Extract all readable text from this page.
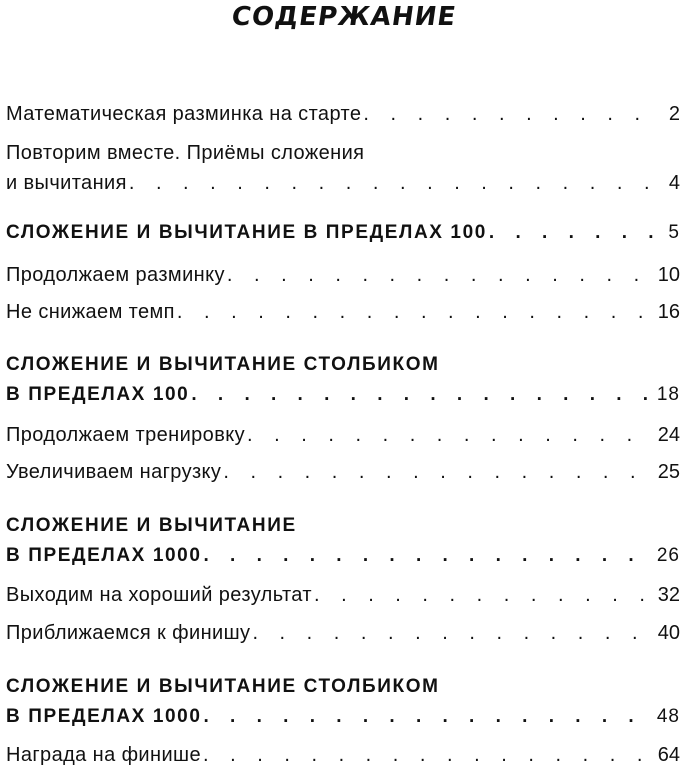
СОДЕРЖАНИЕ
Математическая разминка на старте . . .	2
Повторим вместе. Приёмы сложения
и вычитания . . .	4
СЛОЖЕНИЕ И ВЫЧИТАНИЕ В ПРЕДЕЛАХ 100 . . .	5
Продолжаем разминку . . .	10
Не снижаем темп . . .	16
СЛОЖЕНИЕ И ВЫЧИТАНИЕ СТОЛБИКОМ
В ПРЕДЕЛАХ 100 . . .	18
Продолжаем тренировку . . .	24
Увеличиваем нагрузку . . .	25
СЛОЖЕНИЕ И ВЫЧИТАНИЕ
В ПРЕДЕЛАХ 1000 . . .	26
Выходим на хороший результат . . .	32
Приближаемся к финишу . . .	40
СЛОЖЕНИЕ И ВЫЧИТАНИЕ СТОЛБИКОМ
В ПРЕДЕЛАХ 1000 . . .	48
Награда на финише . . .	64
